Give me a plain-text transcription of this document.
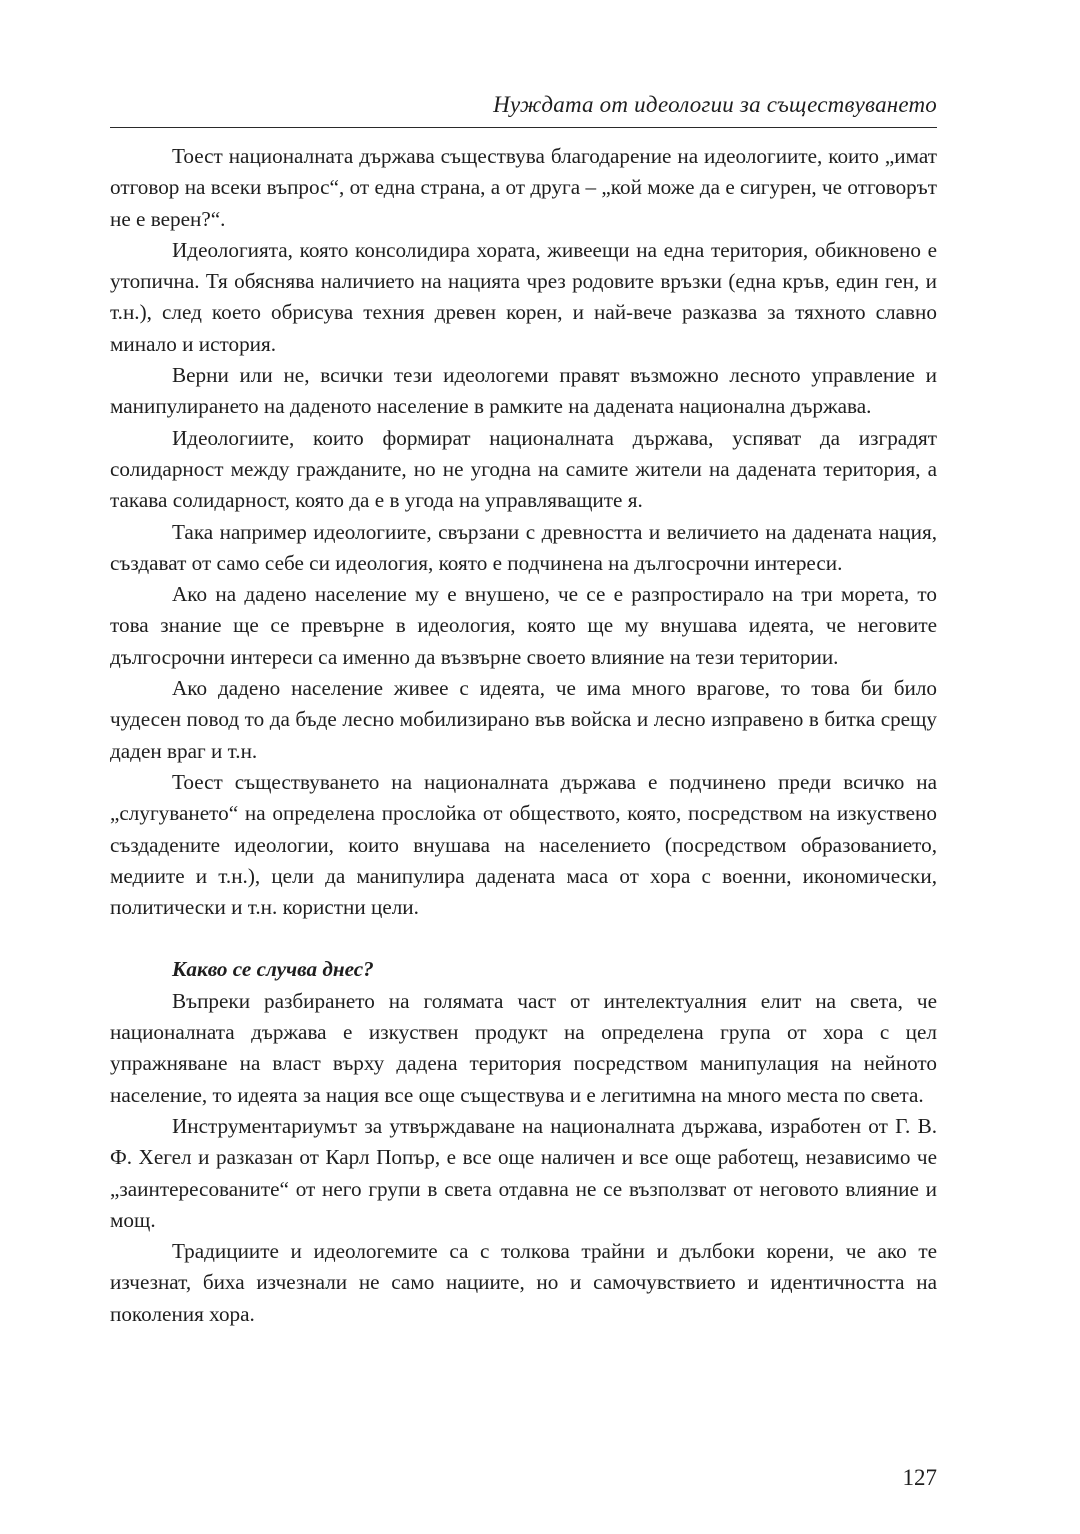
Нуждата от идеологии за съществуването

Тоест националната държава съществува благодарение на идеологиите, които „имат отговор на всеки въпрос“, от една страна, а от друга – „кой може да е сигурен, че отговорът не е верен?“.

Идеологията, която консолидира хората, живеещи на една територия, обикновено е утопична. Тя обяснява наличието на нацията чрез родовите връзки (една кръв, един ген, и т.н.), след което обрисува техния древен корен, и най-вече разказва за тяхното славно минало и история.

Верни или не, всички тези идеологеми правят възможно лесното управление и манипулирането на даденото население в рамките на дадената национална държава.

Идеологиите, които формират националната държава, успяват да изградят солидарност между гражданите, но не угодна на самите жители на дадената територия, а такава солидарност, която да е в угода на управляващите я.

Така например идеологиите, свързани с древността и величието на дадената нация, създават от само себе си идеология, която е подчинена на дългосрочни интереси.

Ако на дадено население му е внушено, че се е разпростирало на три морета, то това знание ще се превърне в идеология, която ще му внушава идеята, че неговите дългосрочни интереси са именно да възвърне своето влияние на тези територии.

Ако дадено население живее с идеята, че има много врагове, то това би било чудесен повод то да бъде лесно мобилизирано във войска и лесно изправено в битка срещу даден враг и т.н.

Тоест съществуването на националната държава е подчинено преди всичко на „слугуването“ на определена прослойка от обществото, която, посредством на изкуствено създадените идеологии, които внушава на населението (посредством образованието, медиите и т.н.), цели да манипулира дадената маса от хора с военни, икономически, политически и т.н. користни цели.

Какво се случва днес?

Въпреки разбирането на голямата част от интелектуалния елит на света, че националната държава е изкуствен продукт на определена група от хора с цел упражняване на власт върху дадена територия посредством манипулация на нейното население, то идеята за нация все още съществува и е легитимна на много места по света.

Инструментариумът за утвърждаване на националната държава, изработен от Г. В. Ф. Хегел и разказан от Карл Попър, е все още наличен и все още работещ, независимо че „заинтересованите“ от него групи в света отдавна не се възползват от неговото влияние и мощ.

Традициите и идеологемите са с толкова трайни и дълбоки корени, че ако те изчезнат, биха изчезнали не само нациите, но и самочувствието и идентичността на поколения хора.

127
